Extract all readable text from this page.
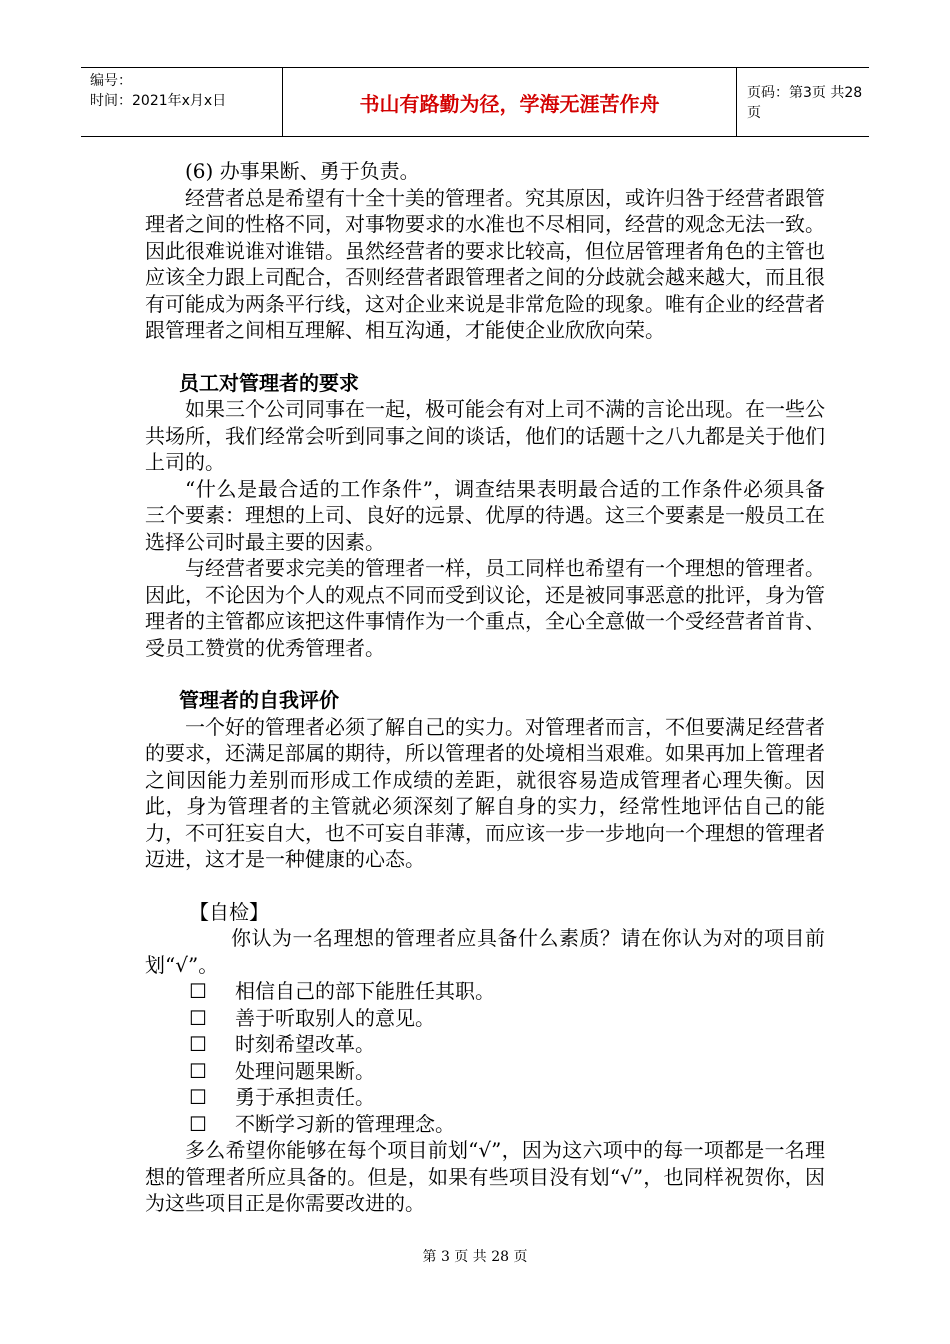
编号：
时间：2021年x月x日	书山有路勤为径，学海无涯苦作舟	页码：第3页 共28页

(6) 办事果断、勇于负责。

经营者总是希望有十全十美的管理者。究其原因，或许归咎于经营者跟管理者之间的性格不同，对事物要求的水准也不尽相同，经营的观念无法一致。因此很难说谁对谁错。虽然经营者的要求比较高，但位居管理者角色的主管也应该全力跟上司配合，否则经营者跟管理者之间的分歧就会越来越大，而且很有可能成为两条平行线，这对企业来说是非常危险的现象。唯有企业的经营者跟管理者之间相互理解、相互沟通，才能使企业欣欣向荣。

员工对管理者的要求

如果三个公司同事在一起，极可能会有对上司不满的言论出现。在一些公共场所，我们经常会听到同事之间的谈话，他们的话题十之八九都是关于他们上司的。

“什么是最合适的工作条件”，调查结果表明最合适的工作条件必须具备三个要素：理想的上司、良好的远景、优厚的待遇。这三个要素是一般员工在选择公司时最主要的因素。

与经营者要求完美的管理者一样，员工同样也希望有一个理想的管理者。因此，不论因为个人的观点不同而受到议论，还是被同事恶意的批评，身为管理者的主管都应该把这件事情作为一个重点，全心全意做一个受经营者首肯、受员工赞赏的优秀管理者。

管理者的自我评价

一个好的管理者必须了解自己的实力。对管理者而言，不但要满足经营者的要求，还满足部属的期待，所以管理者的处境相当艰难。如果再加上管理者之间因能力差别而形成工作成绩的差距，就很容易造成管理者心理失衡。因此，身为管理者的主管就必须深刻了解自身的实力，经常性地评估自己的能力，不可狂妄自大，也不可妄自菲薄，而应该一步一步地向一个理想的管理者迈进，这才是一种健康的心态。

【自检】

你认为一名理想的管理者应具备什么素质？请在你认为对的项目前划“√”。

☐ 相信自己的部下能胜任其职。

☐ 善于听取别人的意见。

☐ 时刻希望改革。

☐ 处理问题果断。

☐ 勇于承担责任。

☐ 不断学习新的管理理念。

多么希望你能够在每个项目前划“√”，因为这六项中的每一项都是一名理想的管理者所应具备的。但是，如果有些项目没有划“√”，也同样祝贺你，因为这些项目正是你需要改进的。

第 3 页 共 28 页
